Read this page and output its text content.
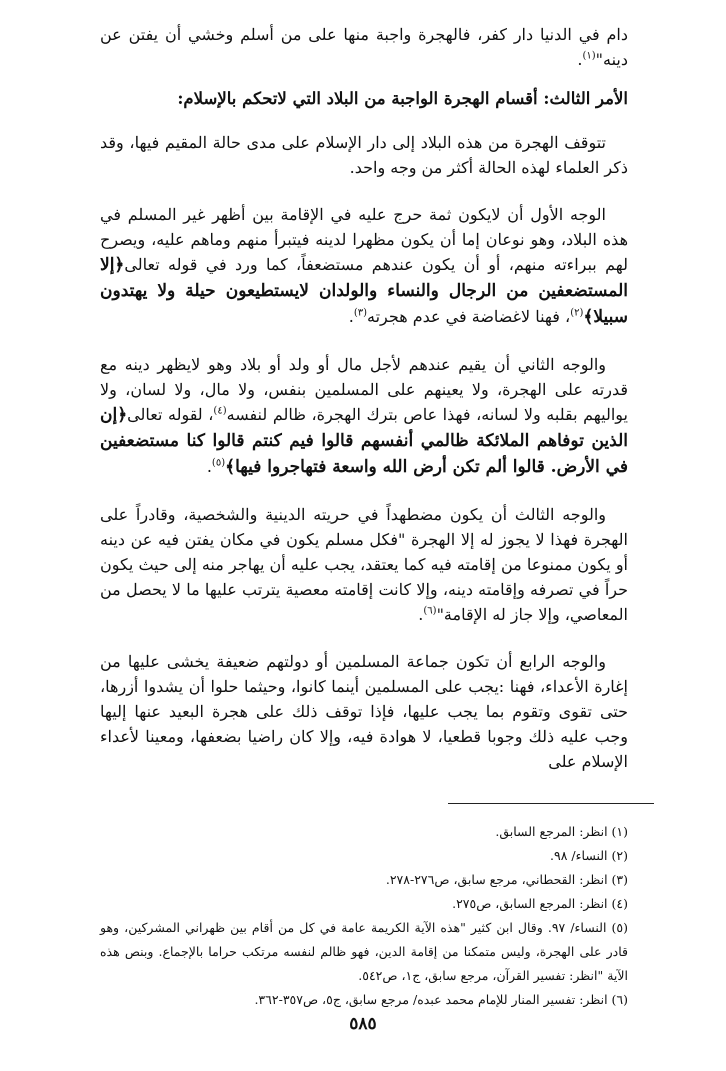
دام في الدنيا دار كفر، فالهجرة واجبة منها على من أسلم وخشي أن يفتن عن دينه"$^{(١)}$.

الأمر الثالث: أقسام الهجرة الواجبة من البلاد التي لاتحكم بالإسلام:

تتوقف الهجرة من هذه البلاد إلى دار الإسلام على مدى حالة المقيم فيها، وقد ذكر العلماء لهذه الحالة أكثر من وجه واحد.

الوجه الأول أن لايكون ثمة حرج عليه في الإقامة بين أظهر غير المسلم في هذه البلاد، وهو نوعان إما أن يكون مظهرا لدينه فيتبرأ منهم وماهم عليه، ويصرح لهم ببراءته منهم، أو أن يكون عندهم مستضعفاً، كما ورد في قوله تعالى﴿إلا المستضعفين من الرجال والنساء والولدان لايستطيعون حيلة ولا يهتدون سبيلا﴾$^{(٢)}$، فهنا لاغضاضة في عدم هجرته$^{(٣)}$.

والوجه الثاني أن يقيم عندهم لأجل مال أو ولد أو بلاد وهو لايظهر دينه مع قدرته على الهجرة، ولا يعينهم على المسلمين بنفس، ولا مال، ولا لسان، ولا يواليهم بقلبه ولا لسانه، فهذا عاص بترك الهجرة، ظالم لنفسه$^{(٤)}$، لقوله تعالى﴿إن الذين توفاهم الملائكة ظالمي أنفسهم قالوا فيم كنتم قالوا كنا مستضعفين في الأرض. قالوا ألم تكن أرض الله واسعة فتهاجروا فيها﴾$^{(٥)}$.

والوجه الثالث أن يكون مضطهداً في حريته الدينية والشخصية، وقادراً على الهجرة فهذا لا يجوز له إلا الهجرة "فكل مسلم يكون في مكان يفتن فيه عن دينه أو يكون ممنوعا من إقامته فيه كما يعتقد، يجب عليه أن يهاجر منه إلى حيث يكون حراً في تصرفه وإقامته دينه، وإلا كانت إقامته معصية يترتب عليها ما لا يحصل من المعاصي، وإلا جاز له الإقامة"$^{(٦)}$.

والوجه الرابع أن تكون جماعة المسلمين أو دولتهم ضعيفة يخشى عليها من إغارة الأعداء، فهنا :يجب على المسلمين أينما كانوا، وحيثما حلوا أن يشدوا أزرها، حتى تقوى وتقوم بما يجب عليها، فإذا توقف ذلك على هجرة البعيد عنها إليها وجب عليه ذلك وجوبا قطعيا، لا هوادة فيه، وإلا كان راضيا بضعفها، ومعينا لأعداء الإسلام على

(١) انظر: المرجع السابق.

(٢) النساء/ ٩٨.

(٣) انظر: القحطاني، مرجع سابق، ص٢٧٦-٢٧٨.

(٤) انظر: المرجع السابق، ص٢٧٥.

(٥) النساء/ ٩٧. وقال ابن كثير "هذه الآية الكريمة عامة في كل من أقام بين ظهراني المشركين، وهو قادر على الهجرة، وليس متمكنا من إقامة الدين، فهو ظالم لنفسه مرتكب حراما بالإجماع. وبنص هذه الآية "انظر: تفسير القرآن، مرجع سابق، ج١، ص٥٤٢.

(٦) انظر: تفسير المنار للإمام محمد عبده/ مرجع سابق، ج٥، ص٣٥٧-٣٦٢.

٥٨٥
